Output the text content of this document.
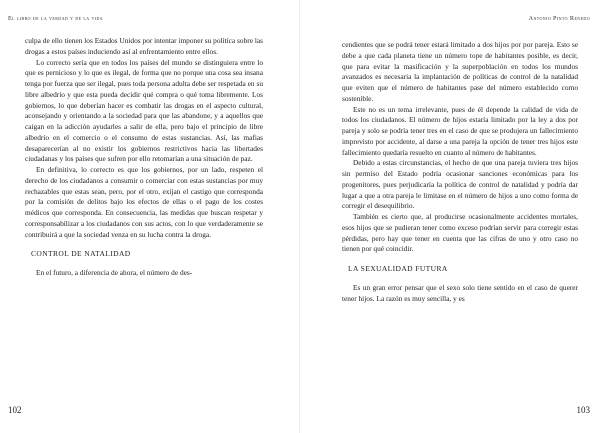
El libro de la verdad y de la vida

culpa de ello tienen los Estados Unidos por intentar imponer su política sobre las drogas a estos países induciendo así al enfrentamiento entre ellos.

Lo correcto sería que en todos los países del mundo se distinguiera entre lo que es pernicioso y lo que es ilegal, de forma que no porque una cosa sea insana tenga por fuerza que ser ilegal, pues toda persona adulta debe ser respetada en su libre albedrío y que esta pueda decidir qué compra o qué toma libremente. Los gobiernos, lo que deberían hacer es combatir las drogas en el aspecto cultural, aconsejando y orientando a la sociedad para que las abandone, y a aquellos que caigan en la adicción ayudarles a salir de ella, pero bajo el principio de libre albedrío en el comercio o el consumo de estas sustancias. Así, las mafias desaparecerían al no existir los gobiernos restrictivos hacia las libertades ciudadanas y los países que sufren por ello retomarían a una situación de paz.

En definitiva, lo correcto es que los gobiernos, por un lado, respeten el derecho de los ciudadanos a consumir o comerciar con estas sustancias por muy rechazables que estas sean, pero, por el otro, exijan el castigo que corresponda por la comisión de delitos bajo los efectos de ellas o el pago de los costes médicos que corresponda. En consecuencia, las medidas que buscan respetar y corresponsabilizar a los ciudadanos con sus actos, con lo que verdaderamente se contribuirá a que la sociedad venza en su lucha contra la droga.

CONTROL DE NATALIDAD

En el futuro, a diferencia de ahora, el número de des-

102
Antonio Pinto Renedo

cendientes que se podrá tener estará limitado a dos hijos por por pareja. Esto se debe a que cada planeta tiene un número tope de habitantes posible, es decir, que para evitar la masificación y la superpoblación en todos los mundos avanzados es necesaria la implantación de políticas de control de la natalidad que eviten que el número de habitantes pase del número establecido como sostenible.

Este no es un tema irrelevante, pues de él depende la calidad de vida de todos los ciudadanos. El número de hijos estaría limitado por la ley a dos por pareja y solo se podría tener tres en el caso de que se produjera un fallecimiento imprevisto por accidente, al darse a una pareja la opción de tener tres hijos este fallecimiento quedaría resuelto en cuanto al número de habitantes.

Debido a estas circunstancias, el hecho de que una pareja tuviera tres hijos sin permiso del Estado podría ocasionar sanciones económicas para los progenitores, pues perjudicaría la política de control de natalidad y podría dar lugar a que a otra pareja le limitase en el número de hijos a uno como forma de corregir el desequilibrio.

También es cierto que, al producirse ocasionalmente accidentes mortales, esos hijos que se pudieran tener como exceso podrían servir para corregir estas pérdidas, pero hay que tener en cuenta que las cifras de uno y otro caso no tienen por qué coincidir.

LA SEXUALIDAD FUTURA

Es un gran error pensar que el sexo solo tiene sentido en el caso de querer tener hijos. La razón es muy sencilla, y es

103
